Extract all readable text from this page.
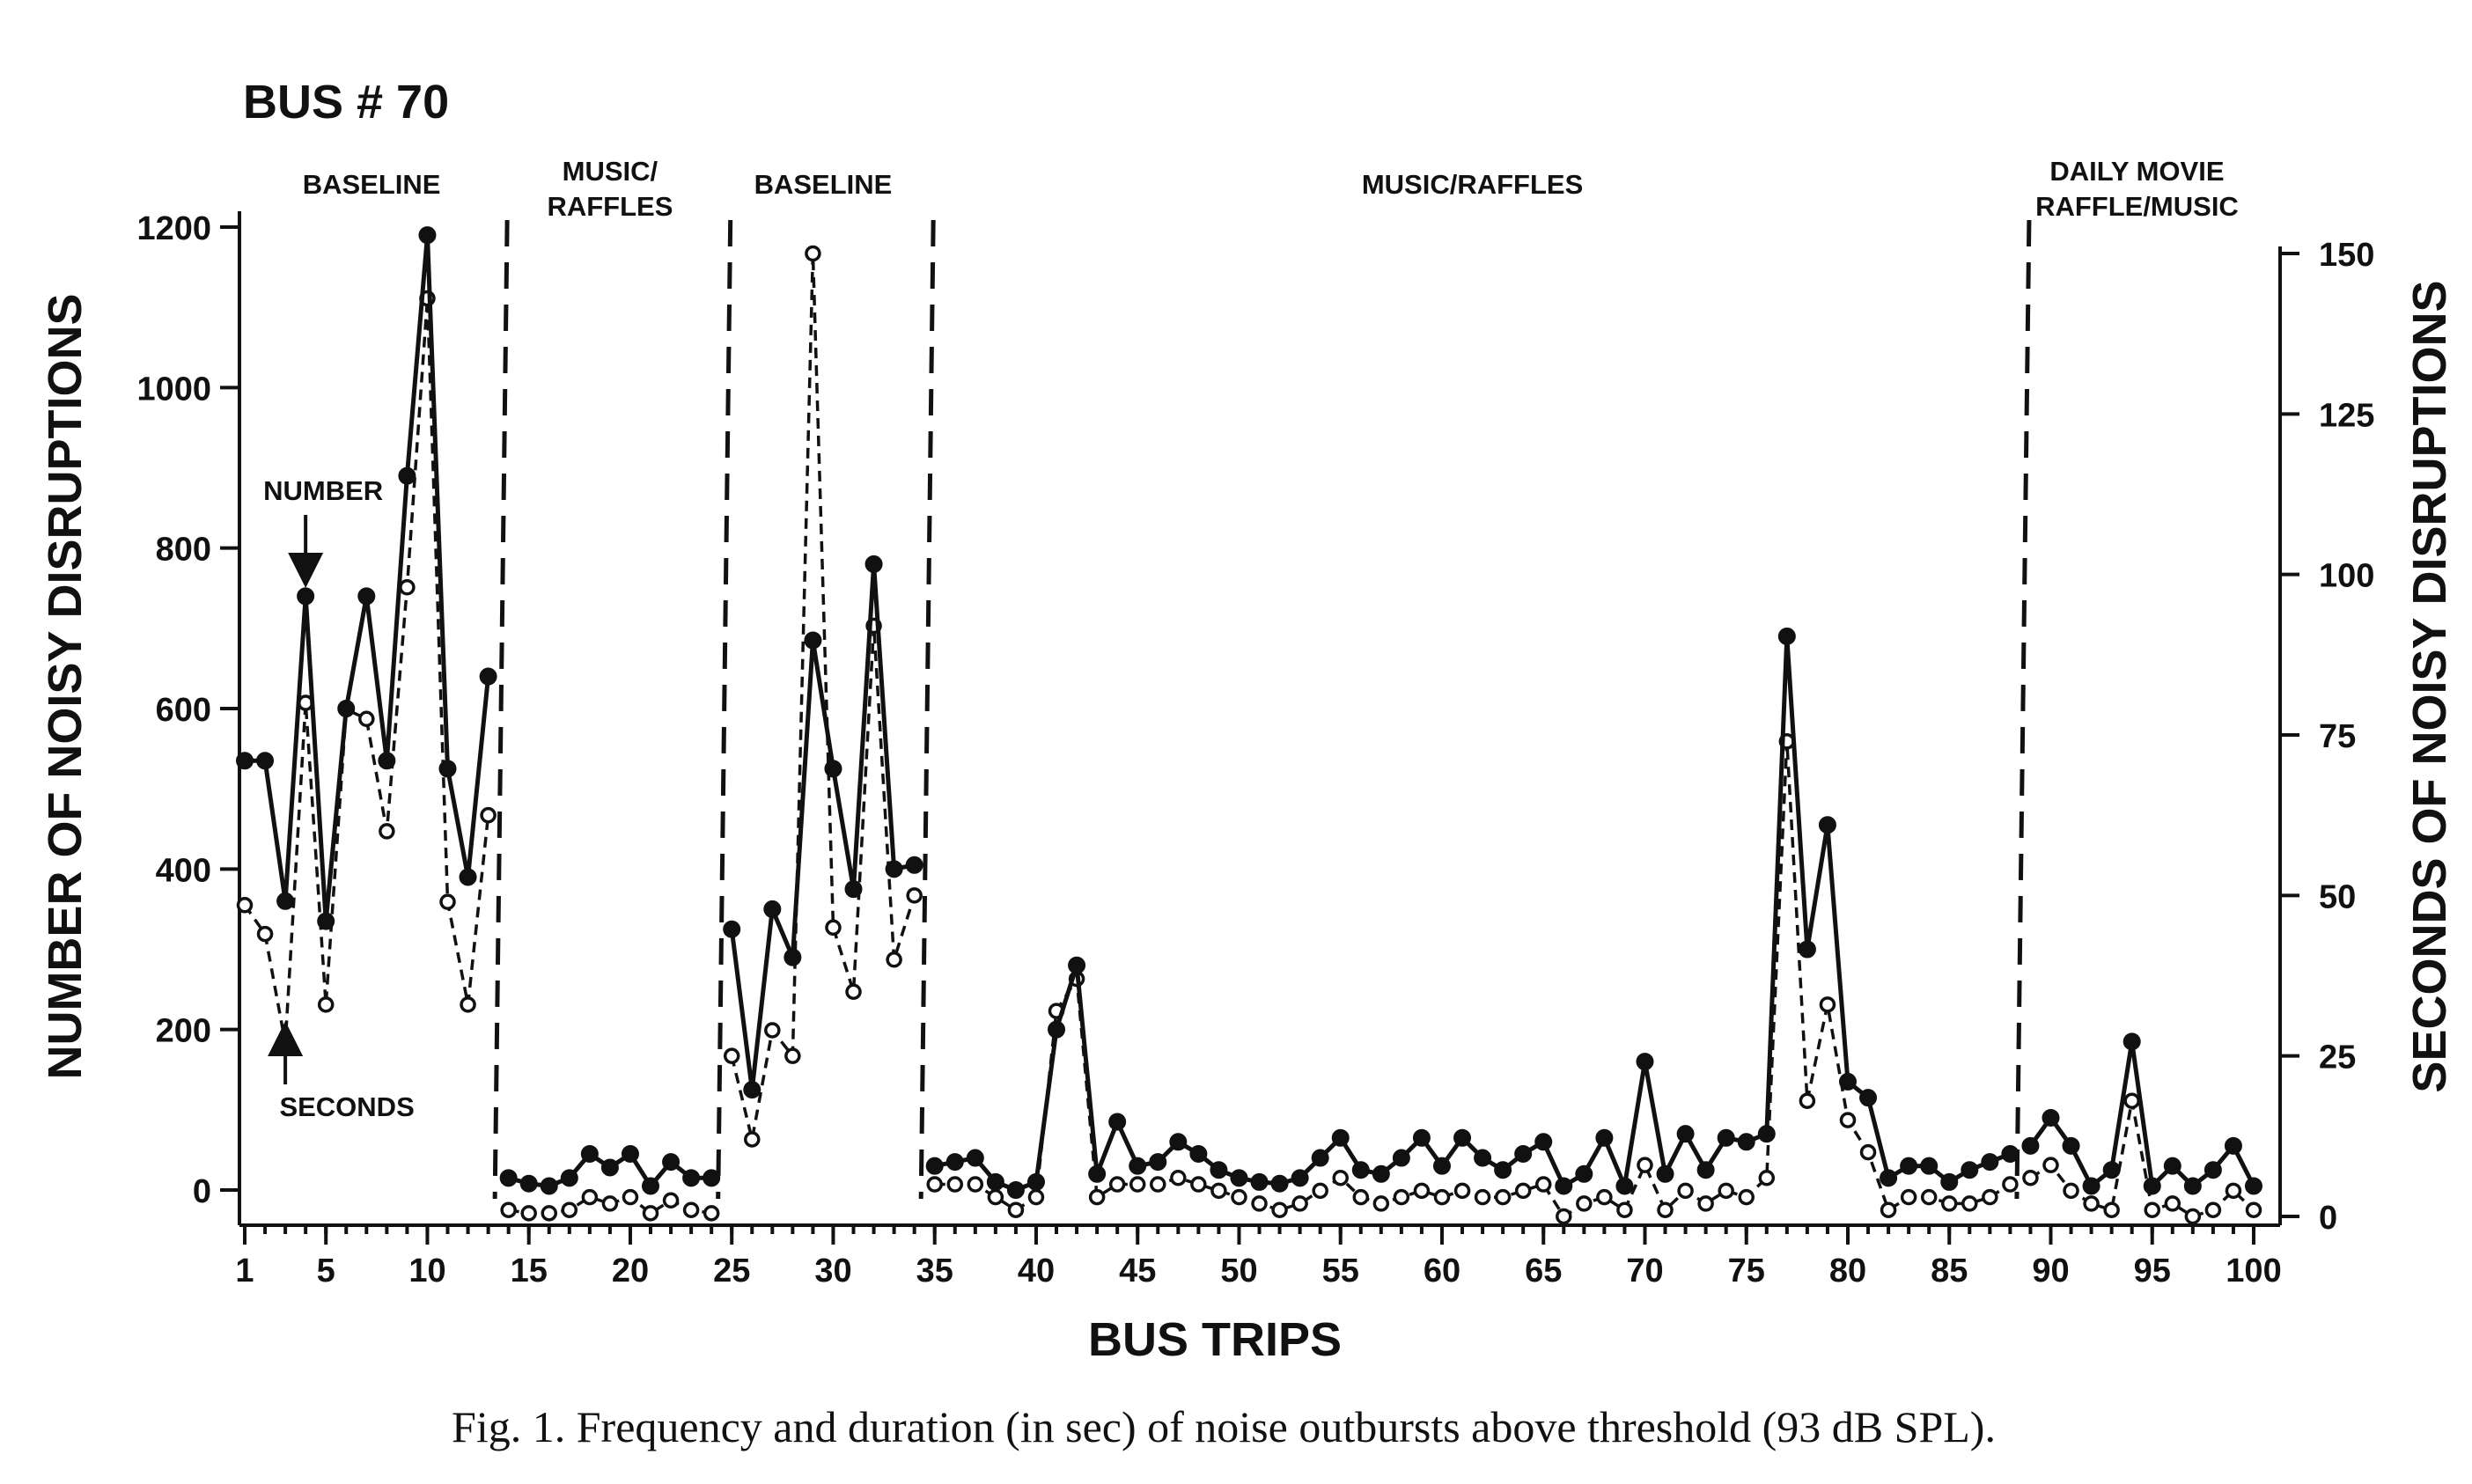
BUS # 70
BASELINE	MUSIC/ RAFFLES
BASELINE	MUSIC/RAFFLES	DAILY MOVIE RAFFLE/MUSIC
1 5 10 15 20 25 30 35 40 45 50 55 60 65 70 75 80 85 90 95 100
0
200
400
600
800
1000
1200
0
25
50
75
100
125
150
BUS TRIPS
NUMBER OF NOISY DISRUPTIONS	SECONDS OF NOISY DISRUPTIONS
NUMBER
SECONDS
Fig. 1. Frequency and duration (in sec) of noise outbursts above threshold (93 dB SPL).
